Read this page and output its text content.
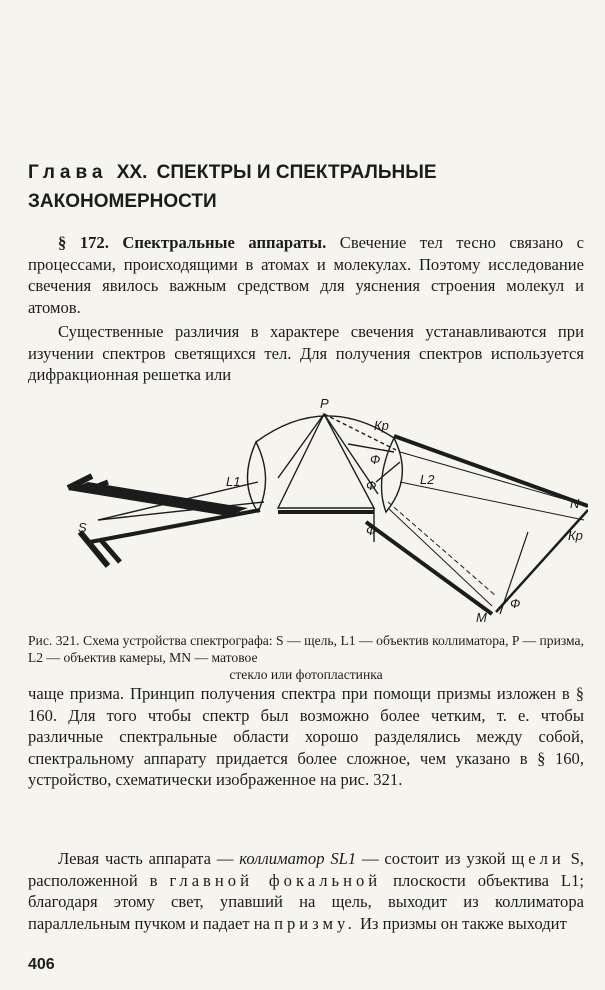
Глава XX. СПЕКТРЫ И СПЕКТРАЛЬНЫЕ
ЗАКОНОМЕРНОСТИ

§ 172. Спектральные аппараты. Свечение тел тесно связано с процессами, происходящими в атомах и молекулах. Поэтому исследование свечения явилось важным средством для уяснения строения молекул и атомов.

Существенные различия в характере свечения устанавливаются при изучении спектров светящихся тел. Для получения спектров используется дифракционная решетка или

P
Кр
Ф
Ф
Ф
L1	L2
S
N
Кр
Ф
M
Рис. 321. Схема устройства спектрографа: S — щель, L1 — объектив коллиматора, P — призма, L2 — объектив камеры, MN — матовое
стекло или фотопластинка

чаще призма. Принцип получения спектра при помощи призмы изложен в § 160. Для того чтобы спектр был возможно более четким, т. е. чтобы различные спектральные области хорошо разделялись между собой, спектральному аппарату придается более сложное, чем указано в § 160, устройство, схематически изображенное на рис. 321.

Левая часть аппарата — коллиматор SL1 — состоит из узкой щели S, расположенной в главной фокальной плоскости объектива L1; благодаря этому свет, упавший на щель, выходит из коллиматора параллельным пучком и падает на призму. Из призмы он также выходит

406
